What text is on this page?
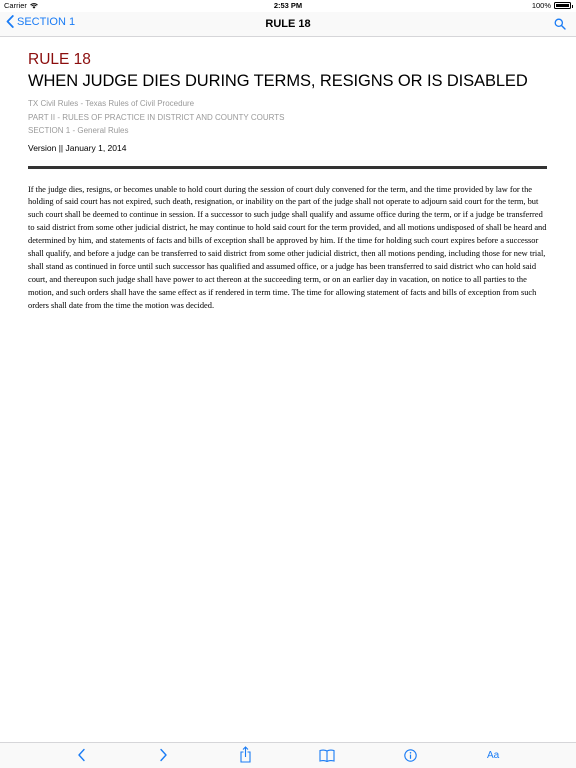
Carrier	2:53 PM	100%
SECTION 1	RULE 18
RULE 18
WHEN JUDGE DIES DURING TERMS, RESIGNS OR IS DISABLED
TX Civil Rules - Texas Rules of Civil Procedure
PART II - RULES OF PRACTICE IN DISTRICT AND COUNTY COURTS
SECTION 1 - General Rules
Version || January 1, 2014

If the judge dies, resigns, or becomes unable to hold court during the session of court duly convened for the term, and the time provided by law for the holding of said court has not expired, such death, resignation, or inability on the part of the judge shall not operate to adjourn said court for the term, but such court shall be deemed to continue in session. If a successor to such judge shall qualify and assume office during the term, or if a judge be transferred to said district from some other judicial district, he may continue to hold said court for the term provided, and all motions undisposed of shall be heard and determined by him, and statements of facts and bills of exception shall be approved by him. If the time for holding such court expires before a successor shall qualify, and before a judge can be transferred to said district from some other judicial district, then all motions pending, including those for new trial, shall stand as continued in force until such successor has qualified and assumed office, or a judge has been transferred to said district who can hold said court, and thereupon such judge shall have power to act thereon at the succeeding term, or on an earlier day in vacation, on notice to all parties to the motion, and such orders shall have the same effect as if rendered in term time. The time for allowing statement of facts and bills of exception from such orders shall date from the time the motion was decided.

Aa
